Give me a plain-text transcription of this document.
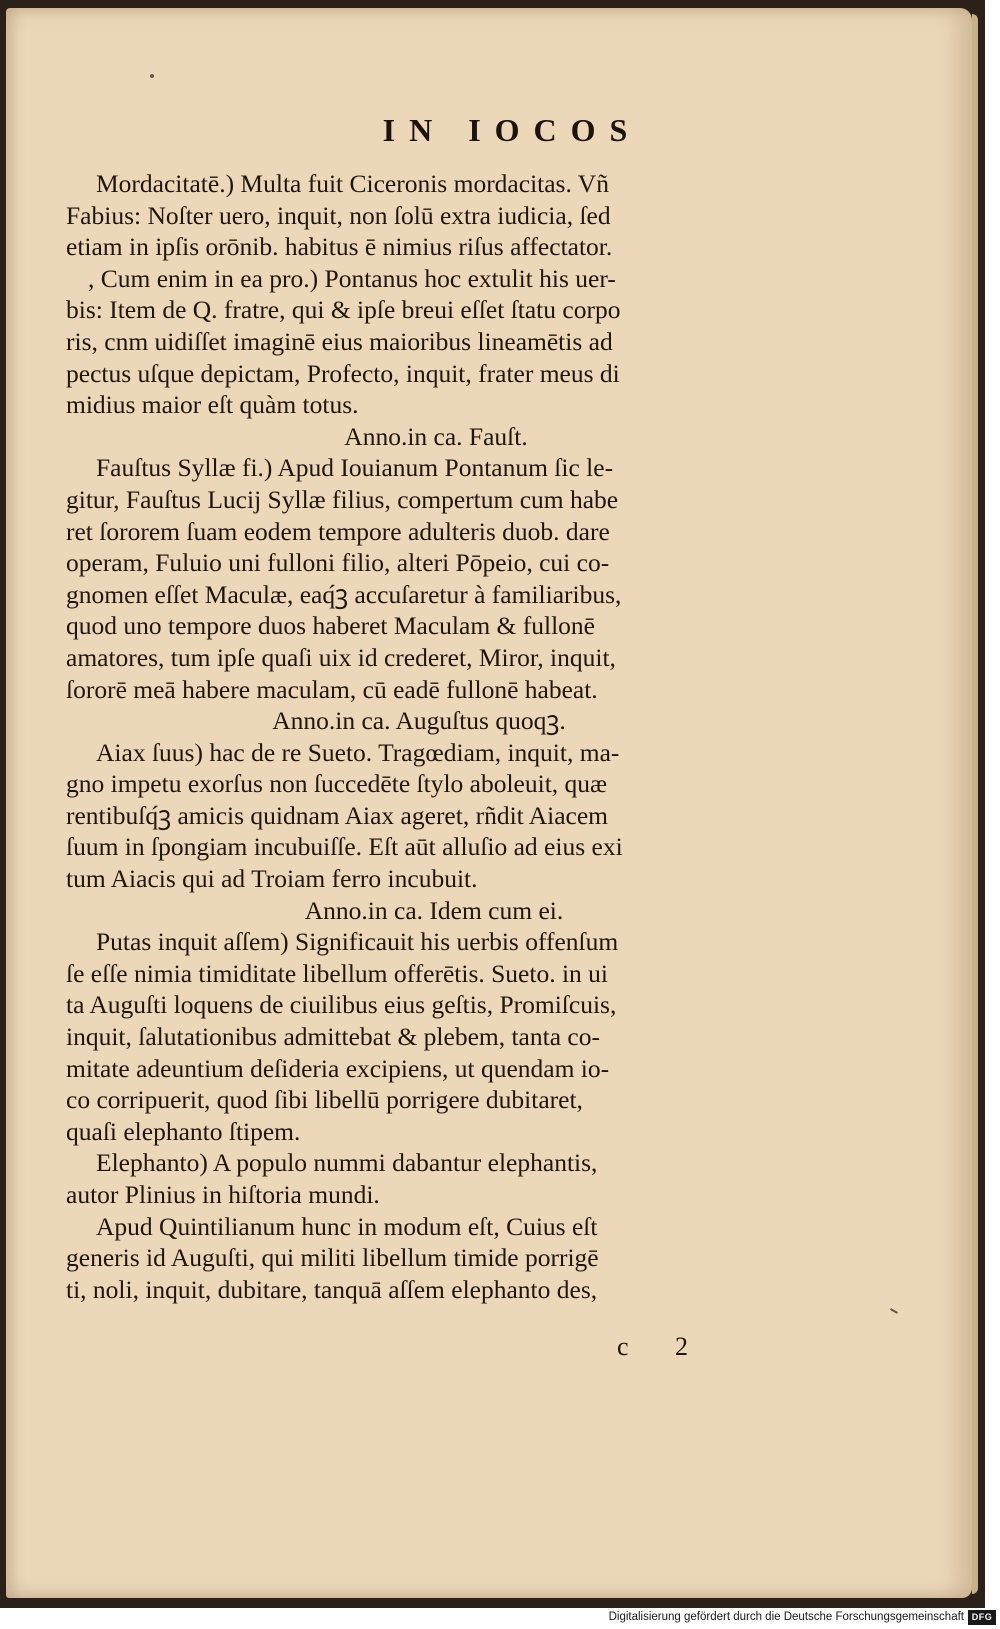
IN IOCOS
Mordacitatē.) Multa fuit Ciceronis mordacitas. Vñ
Fabius: Noſter uero, inquit, non ſolū extra iudicia, ſed
etiam in ipſis orōnib. habitus ē nimius riſus affectator.
, Cum enim in ea pro.) Pontanus hoc extulit his uer-
bis: Item de Q. fratre, qui & ipſe breui eſſet ſtatu corpo
ris, cnm uidiſſet imaginē eius maioribus lineamētis ad
pectus uſque depictam, Profecto, inquit, frater meus di
midius maior eſt quàm totus.
Anno.in ca. Fauſt.
Fauſtus Syllæ fi.) Apud Iouianum Pontanum ſic le-
gitur, Fauſtus Lucij Syllæ filius, compertum cum habe
ret ſororem ſuam eodem tempore adulteris duob. dare
operam, Fuluio uni fulloni filio, alteri Pōpeio, cui co-
gnomen eſſet Maculæ, eaq́ꝫ accuſaretur à familiaribus,
quod uno tempore duos haberet Maculam & fullonē
amatores, tum ipſe quaſi uix id crederet, Miror, inquit,
ſororē meā habere maculam, cū eadē fullonē habeat.
Anno.in ca. Auguſtus quoqꝫ.
Aiax ſuus) hac de re Sueto. Tragœdiam, inquit, ma-
gno impetu exorſus non ſuccedēte ſtylo aboleuit, quæ
rentibuſq́ꝫ amicis quidnam Aiax ageret, rñdit Aiacem
ſuum in ſpongiam incubuiſſe. Eſt aūt alluſio ad eius exi
tum Aiacis qui ad Troiam ferro incubuit.
Anno.in ca. Idem cum ei.
Putas inquit aſſem) Significauit his uerbis offenſum
ſe eſſe nimia timiditate libellum offerētis. Sueto. in ui
ta Auguſti loquens de ciuilibus eius geſtis, Promiſcuis,
inquit, ſalutationibus admittebat & plebem, tanta co-
mitate adeuntium deſideria excipiens, ut quendam io-
co corripuerit, quod ſibi libellū porrigere dubitaret,
quaſi elephanto ſtipem.
Elephanto) A populo nummi dabantur elephantis,
autor Plinius in hiſtoria mundi.
Apud Quintilianum hunc in modum eſt, Cuius eſt
generis id Auguſti, qui militi libellum timide porrigē
ti, noli, inquit, dubitare, tanquā aſſem elephanto des,
c 2
Digitalisierung gefördert durch die Deutsche Forschungsgemeinschaft DFG
